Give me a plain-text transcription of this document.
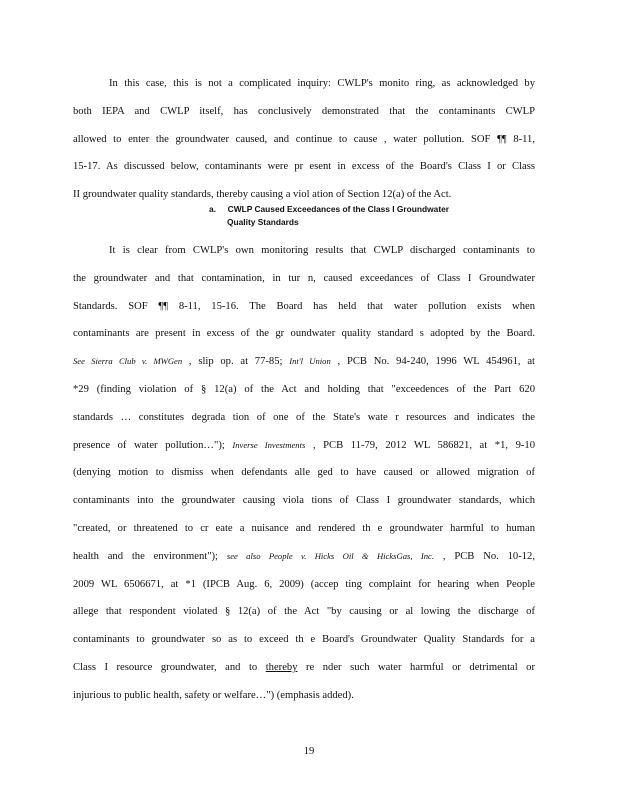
In this case, this is not a complicated inquiry: CWLP's monito ring, as acknowledged by
both IEPA and CWLP itself, has conclusively demonstrated that the contaminants CWLP
allowed to enter the groundwater caused, and continue to cause , water pollution. SOF ¶¶ 8-11,
15-17. As discussed below, contaminants were pr esent in excess of the Board's Class I or Class
II groundwater quality standards, thereby causing a viol ation of Section 12(a) of the Act.
a. CWLP Caused Exceedances of the Class I Groundwater
Quality Standards
It is clear from CWLP's own monitoring results that CWLP discharged contaminants to
the groundwater and that contamination, in tur n, caused exceedances of Class I Groundwater
Standards. SOF ¶¶ 8-11, 15-16. The Board has held that water pollution exists when
contaminants are present in excess of the gr oundwater quality standard s adopted by the Board.
See Sierra Club v. MWGen , slip op. at 77-85; Int'l Union , PCB No. 94-240, 1996 WL 454961, at
*29 (finding violation of § 12(a) of the Act and holding that "exceedences of the Part 620
standards … constitutes degrada tion of one of the State's wate r resources and indicates the
presence of water pollution…"); Inverse Investments , PCB 11-79, 2012 WL 586821, at *1, 9-10
(denying motion to dismiss when defendants alle ged to have caused or allowed migration of
contaminants into the groundwater causing viola tions of Class I groundwater standards, which
"created, or threatened to cr eate a nuisance and rendered th e groundwater harmful to human
health and the environment"); see also People v. Hicks Oil & HicksGas, Inc. , PCB No. 10-12,
2009 WL 6506671, at *1 (IPCB Aug. 6, 2009) (accep ting complaint for hearing when People
allege that respondent violated § 12(a) of the Act "by causing or al lowing the discharge of
contaminants to groundwater so as to exceed th e Board's Groundwater Quality Standards for a
Class I resource groundwater, and to thereby re nder such water harmful or detrimental or
injurious to public health, safety or welfare…") (emphasis added).
19
